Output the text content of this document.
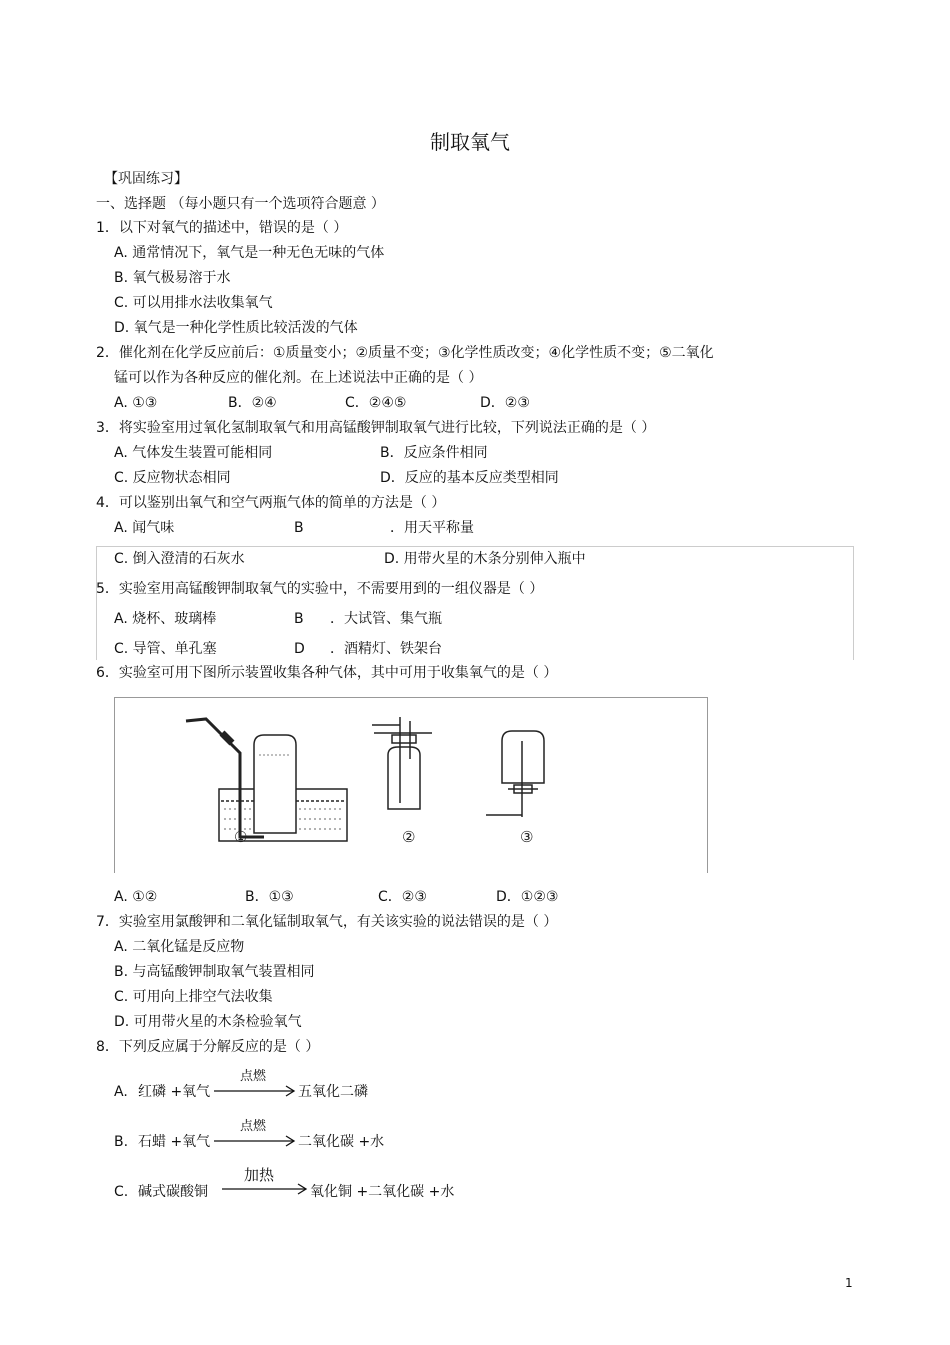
制取氧气
【巩固练习】
一、选择题 （每小题只有一个选项符合题意 ）
1．以下对氧气的描述中，错误的是（ ）
A. 通常情况下，氧气是一种无色无味的气体
B. 氧气极易溶于水
C. 可以用排水法收集氧气
D. 氧气是一种化学性质比较活泼的气体
2．催化剂在化学反应前后：①质量变小；②质量不变；③化学性质改变；④化学性质不变；⑤二氧化
锰可以作为各种反应的催化剂。在上述说法中正确的是（ ）
A. ①③	B．②④	C．②④⑤	D．②③
3．将实验室用过氧化氢制取氧气和用高锰酸钾制取氧气进行比较，下列说法正确的是（ ）
A. 气体发生装置可能相同	B．反应条件相同
C. 反应物状态相同	D．反应的基本反应类型相同
4．可以鉴别出氧气和空气两瓶气体的简单的方法是（ ）
A. 闻气味	B	．用天平称量
C. 倒入澄清的石灰水	D. 用带火星的木条分别伸入瓶中
5．实验室用高锰酸钾制取氧气的实验中，不需要用到的一组仪器是（ ）
A. 烧杯、玻璃棒	B ．大试管、集气瓶
C. 导管、单孔塞	D ．酒精灯、铁架台
6．实验室可用下图所示装置收集各种气体，其中可用于收集氧气的是（ ）
①	②	③
A. ①②	B．①③	C．②③	D．①②③
7．实验室用氯酸钾和二氧化锰制取氧气，有关该实验的说法错误的是（ ）
A. 二氧化锰是反应物
B. 与高锰酸钾制取氧气装置相同
C. 可用向上排空气法收集
D. 可用带火星的木条检验氧气
8．下列反应属于分解反应的是（ ）
A. 红磷 +氧气
点燃
五氧化二磷
B. 石蜡 +氧气
点燃
二氧化碳 +水
C. 碱式碳酸铜
加热
氧化铜 +二氧化碳 +水
1
